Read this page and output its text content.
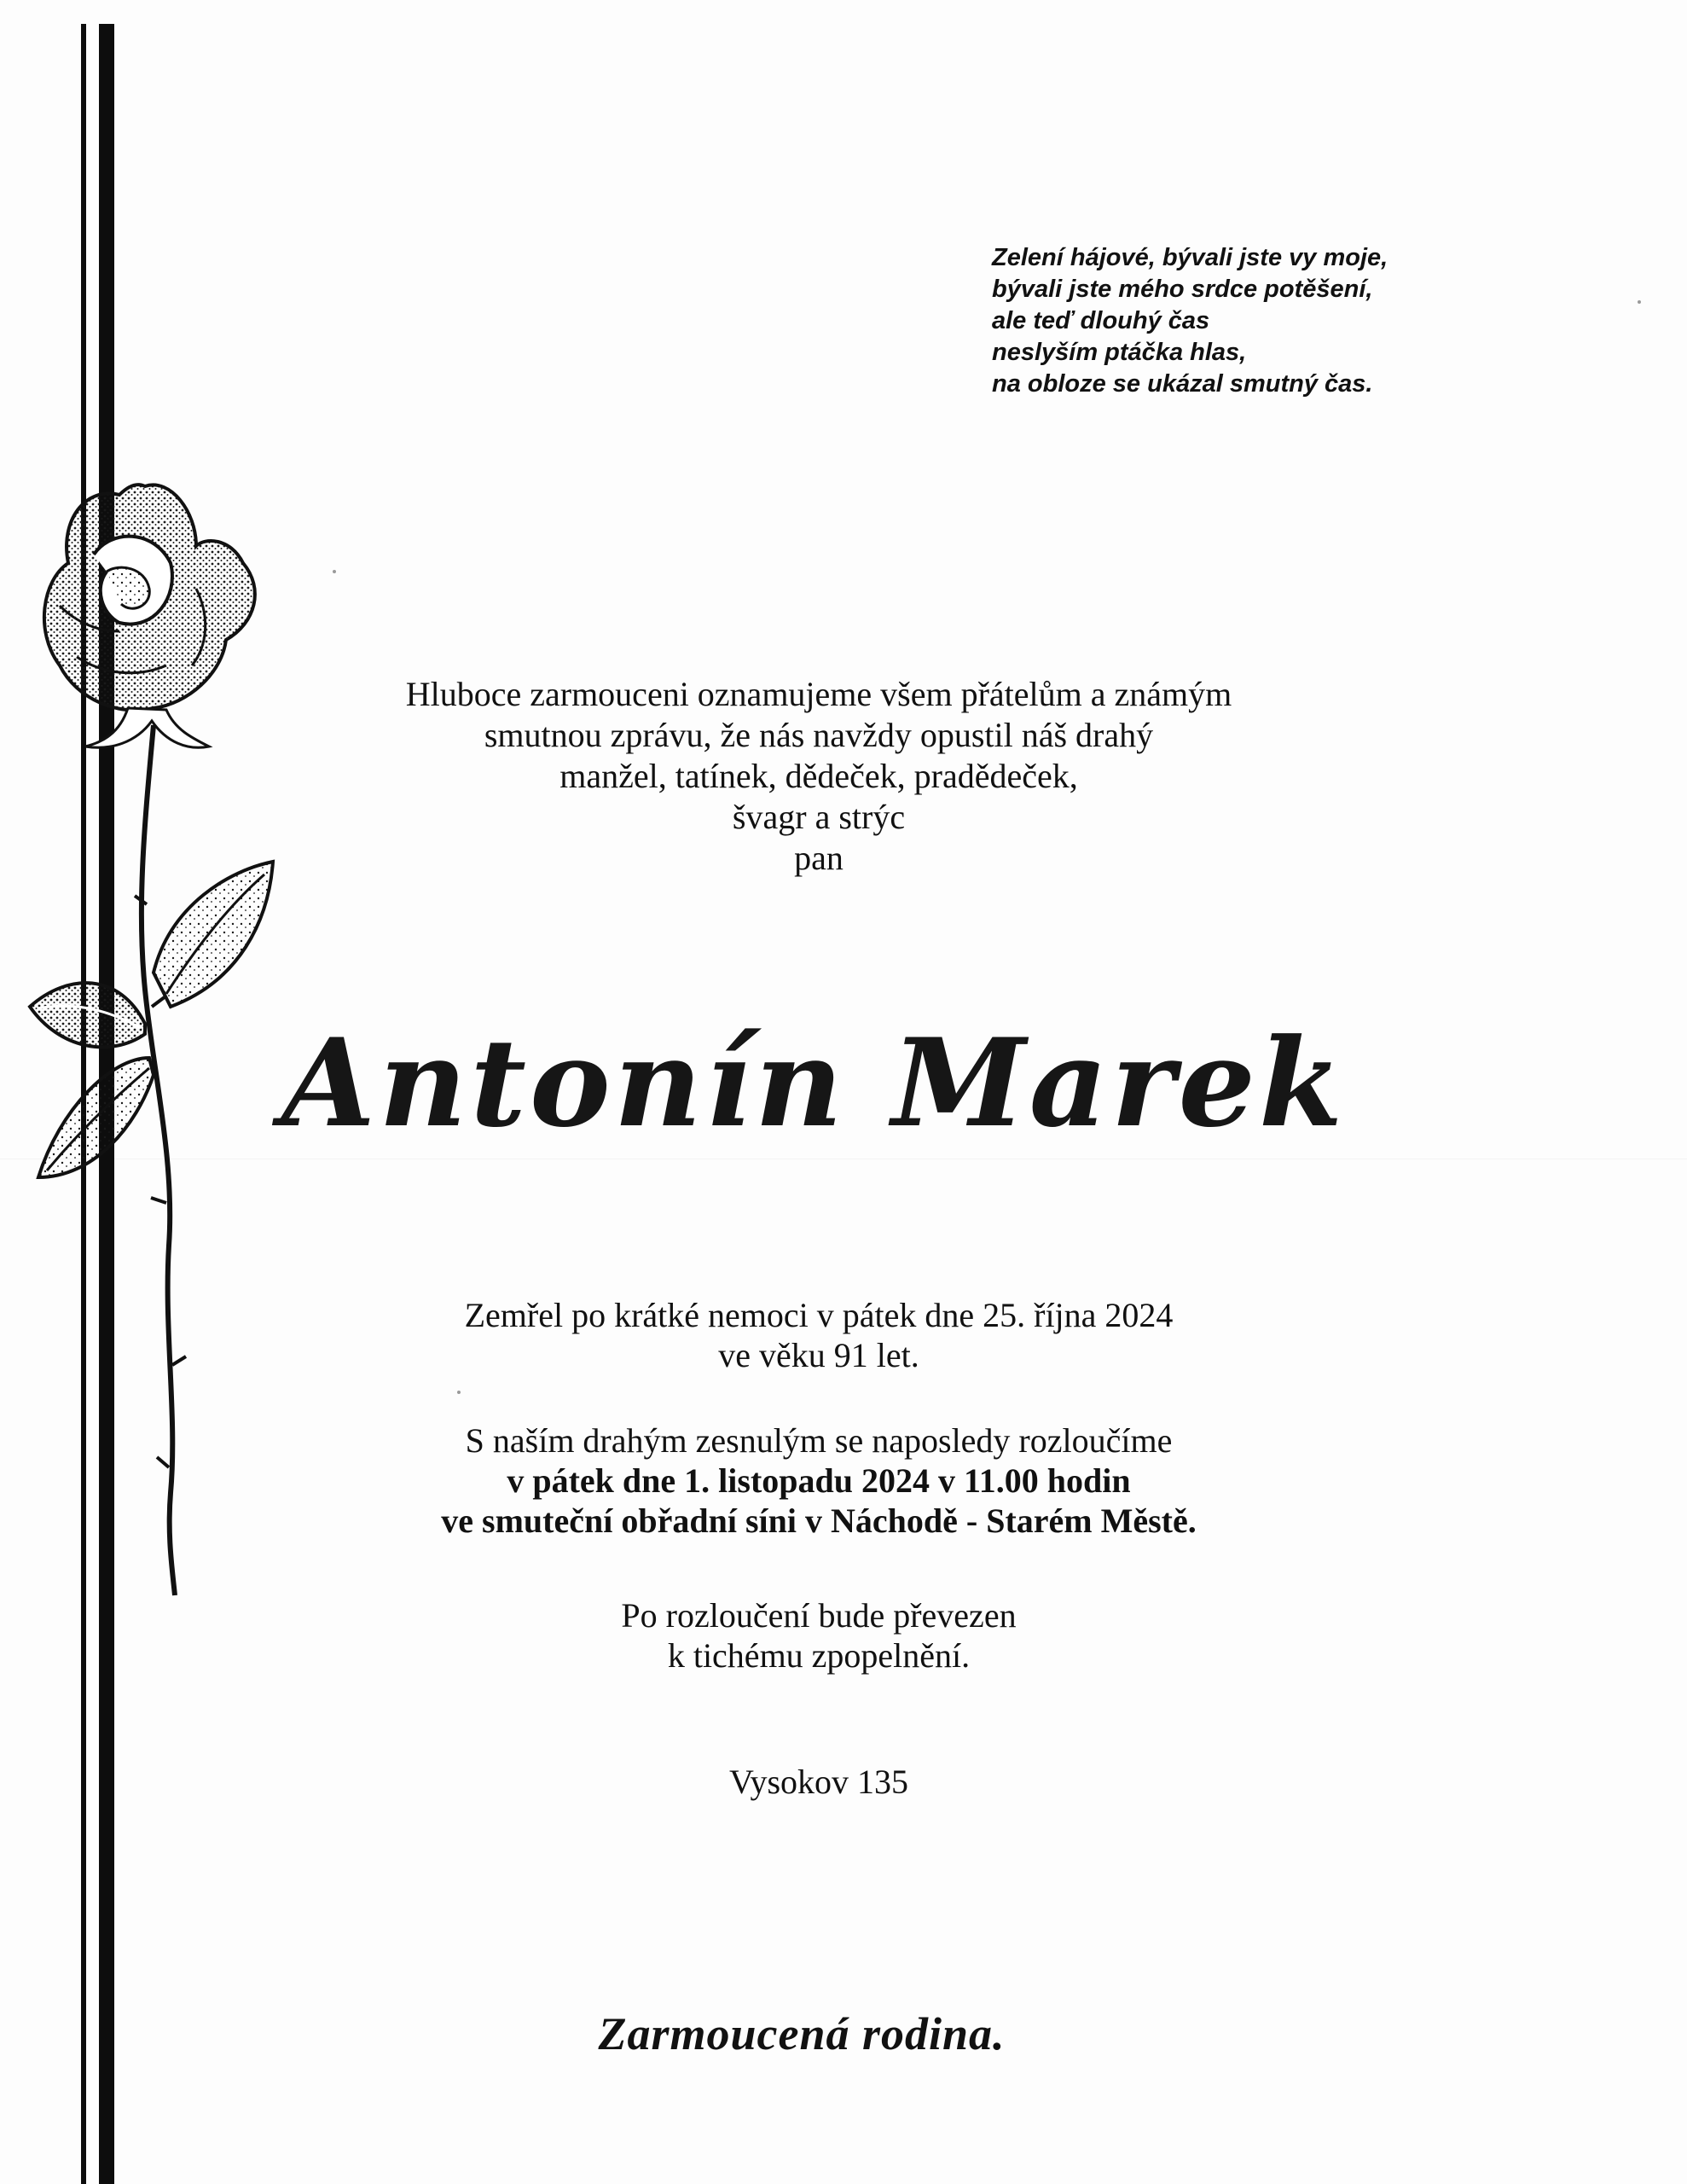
Zelení hájové, bývali jste vy moje,
bývali jste mého srdce potěšení,
ale teď dlouhý čas
neslyším ptáčka hlas,
na obloze se ukázal smutný čas.
Hluboce zarmouceni oznamujeme všem přátelům a známým
smutnou zprávu, že nás navždy opustil náš drahý
manžel, tatínek, dědeček, pradědeček,
švagr a strýc
pan
Antonín Marek
Zemřel po krátké nemoci v pátek dne 25. října 2024
ve věku 91 let.
S naším drahým zesnulým se naposledy rozloučíme
v pátek dne 1. listopadu 2024 v 11.00 hodin
ve smuteční obřadní síni v Náchodě - Starém Městě.
Po rozloučení bude převezen
k tichému zpopelnění.
Vysokov 135
Zarmoucená rodina.
